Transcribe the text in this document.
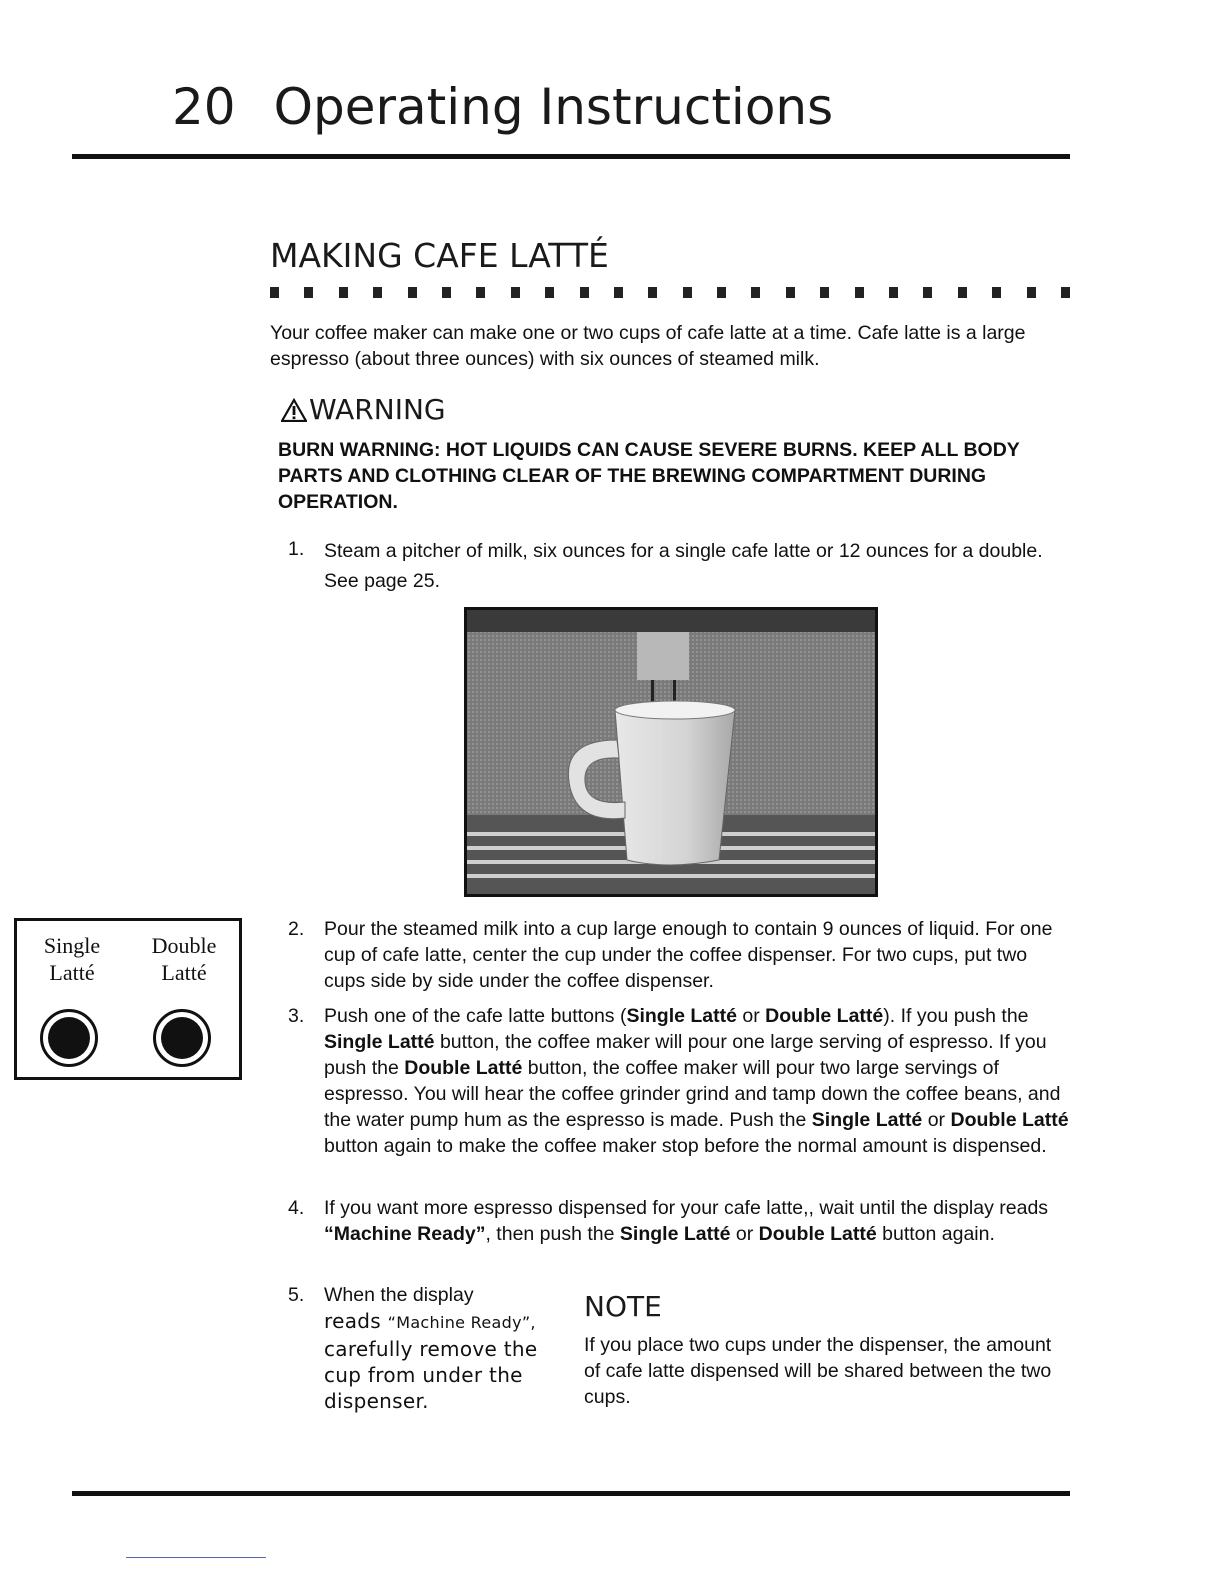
20 Operating Instructions
MAKING CAFE LATTÉ
Your coffee maker can make one or two cups of cafe latte at a time. Cafe latte is a large espresso (about three ounces) with six ounces of steamed milk.
WARNING
BURN WARNING: HOT LIQUIDS CAN CAUSE SEVERE BURNS. KEEP ALL BODY PARTS AND CLOTHING CLEAR OF THE BREWING COMPARTMENT DURING OPERATION.
1. Steam a pitcher of milk, six ounces for a single cafe latte or 12 ounces for a double. See page 25.
2. Pour the steamed milk into a cup large enough to contain 9 ounces of liquid. For one cup of cafe latte, center the cup under the coffee dispenser. For two cups, put two cups side by side under the coffee dispenser.
3. Push one of the cafe latte buttons (Single Latté or Double Latté). If you push the Single Latté button, the coffee maker will pour one large serving of espresso. If you push the Double Latté button, the coffee maker will pour two large servings of espresso. You will hear the coffee grinder grind and tamp down the coffee beans, and the water pump hum as the espresso is made. Push the Single Latté or Double Latté button again to make the coffee maker stop before the normal amount is dispensed.
4. If you want more espresso dispensed for your cafe latte,, wait until the display reads “Machine Ready”, then push the Single Latté or Double Latté button again.
5. When the display
reads “Machine Ready”,
carefully remove the
cup from under the
dispenser.
NOTE
If you place two cups under the dispenser, the amount of cafe latte dispensed will be shared between the two cups.
Single
Latté
Double
Latté
